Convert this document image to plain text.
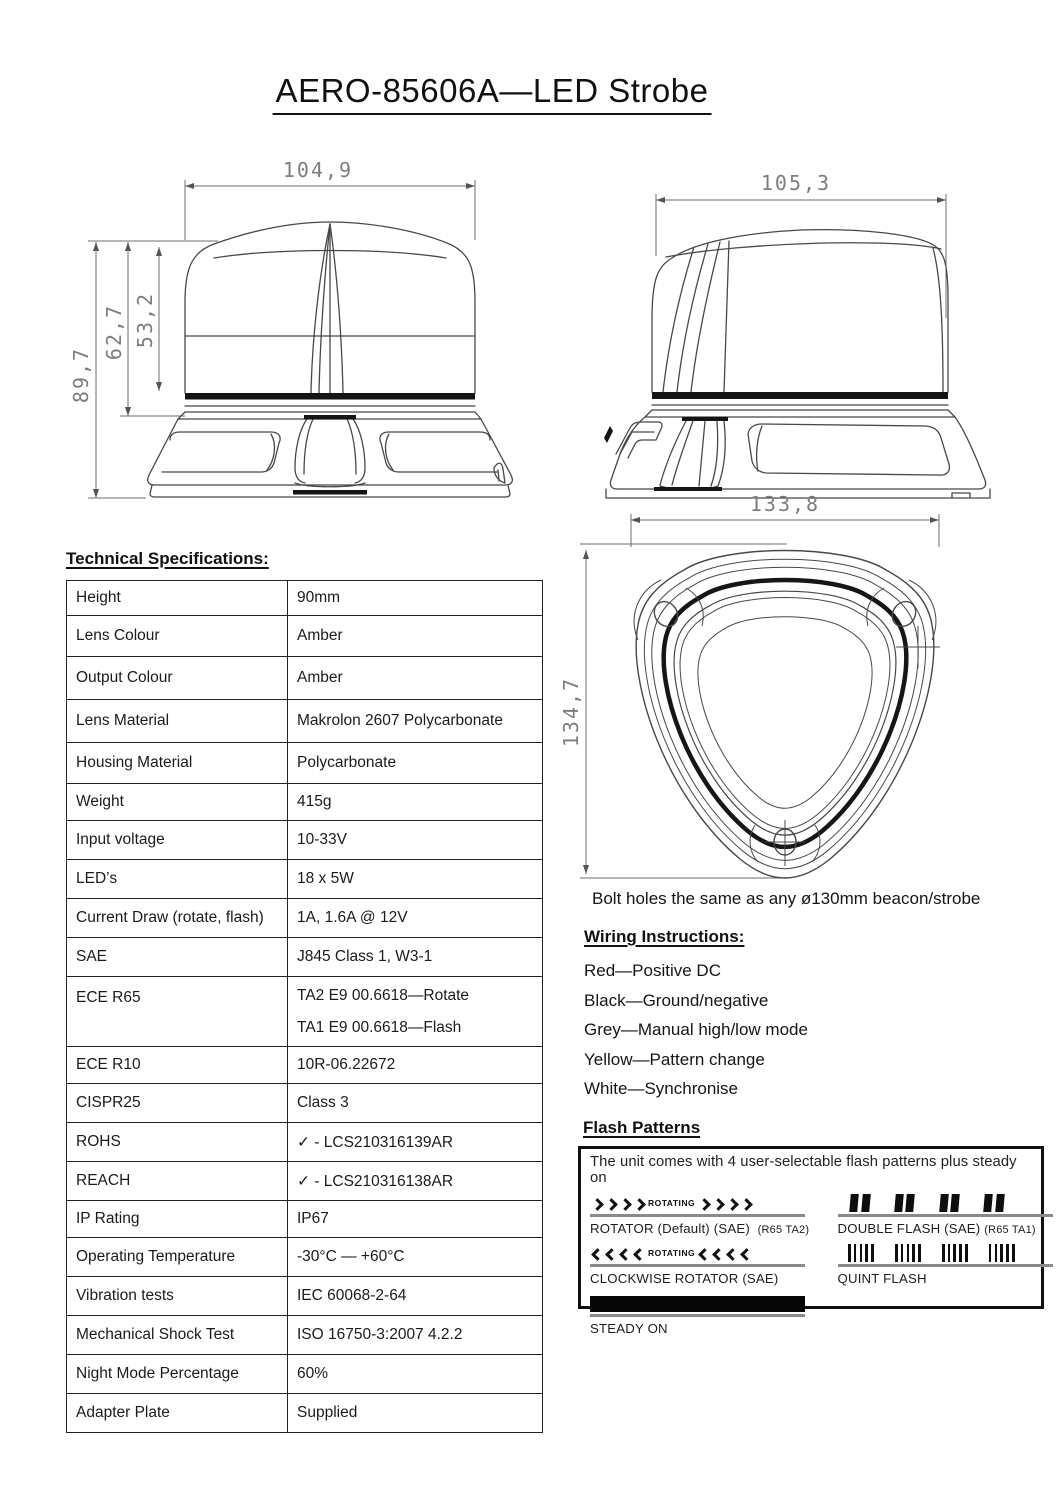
AERO-85606A—LED Strobe
104,9
89,7
62,7 53,2
105,3
133,8
134,7
Bolt holes the same as any ø130mm beacon/strobe
Technical Specifications:
Height	90mm
Lens Colour	Amber
Output Colour	Amber
Lens Material	Makrolon 2607 Polycarbonate
Housing Material	Polycarbonate
Weight	415g
Input voltage	10-33V
LED’s	18 x 5W
Current Draw (rotate, flash)	1A, 1.6A @ 12V
SAE	J845 Class 1, W3-1
ECE R65	TA2 E9 00.6618—Rotate
TA1 E9 00.6618—Flash

ECE R10	10R-06.22672
CISPR25	Class 3
ROHS	✓ - LCS210316139AR
REACH	✓ - LCS210316138AR
IP Rating	IP67
Operating Temperature	-30°C — +60°C
Vibration tests	IEC 60068-2-64
Mechanical Shock Test	ISO 16750-3:2007 4.2.2
Night Mode Percentage	60%
Adapter Plate	Supplied
Wiring Instructions:
Red—Positive DC
Black—Ground/negative
Grey—Manual high/low mode
Yellow—Pattern change
White—Synchronise
Flash Patterns
The unit comes with 4 user-selectable flash patterns plus steady on
ROTATING
ROTATOR (Default) (SAE) (R65 TA2)	DOUBLE FLASH (SAE) (R65 TA1)
ROTATING
CLOCKWISE ROTATOR (SAE)	QUINT FLASH
STEADY ON
